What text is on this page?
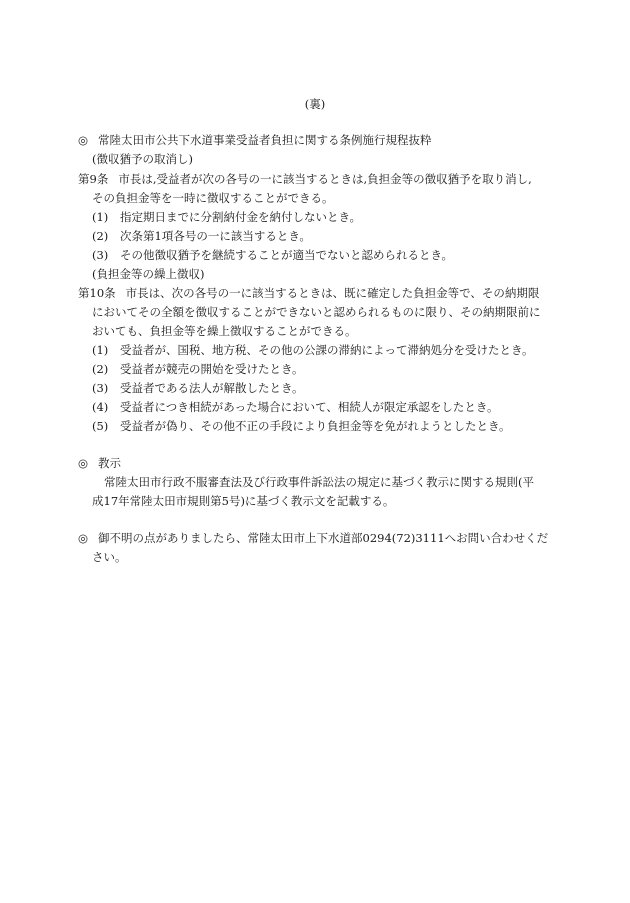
(裏)
◎ 常陸太田市公共下水道事業受益者負担に関する条例施行規程抜粋
(徴収猶予の取消し)
第9条 市長は,受益者が次の各号の一に該当するときは,負担金等の徴収猶予を取り消し,
その負担金等を一時に徴収することができる。
(1) 指定期日までに分割納付金を納付しないとき。
(2) 次条第1項各号の一に該当するとき。
(3) その他徴収猶予を継続することが適当でないと認められるとき。
(負担金等の繰上徴収)
第10条 市長は、次の各号の一に該当するときは、既に確定した負担金等で、その納期限
においてその全額を徴収することができないと認められるものに限り、その納期限前に
おいても、負担金等を繰上徴収することができる。
(1) 受益者が、国税、地方税、その他の公課の滞納によって滞納処分を受けたとき。
(2) 受益者が競売の開始を受けたとき。
(3) 受益者である法人が解散したとき。
(4) 受益者につき相続があった場合において、相続人が限定承認をしたとき。
(5) 受益者が偽り、その他不正の手段により負担金等を免がれようとしたとき。
◎ 教示
常陸太田市行政不服審査法及び行政事件訴訟法の規定に基づく教示に関する規則(平
成17年常陸太田市規則第5号)に基づく教示文を記載する。
◎ 御不明の点がありましたら、常陸太田市上下水道部0294(72)3111へお問い合わせくだ
さい。
